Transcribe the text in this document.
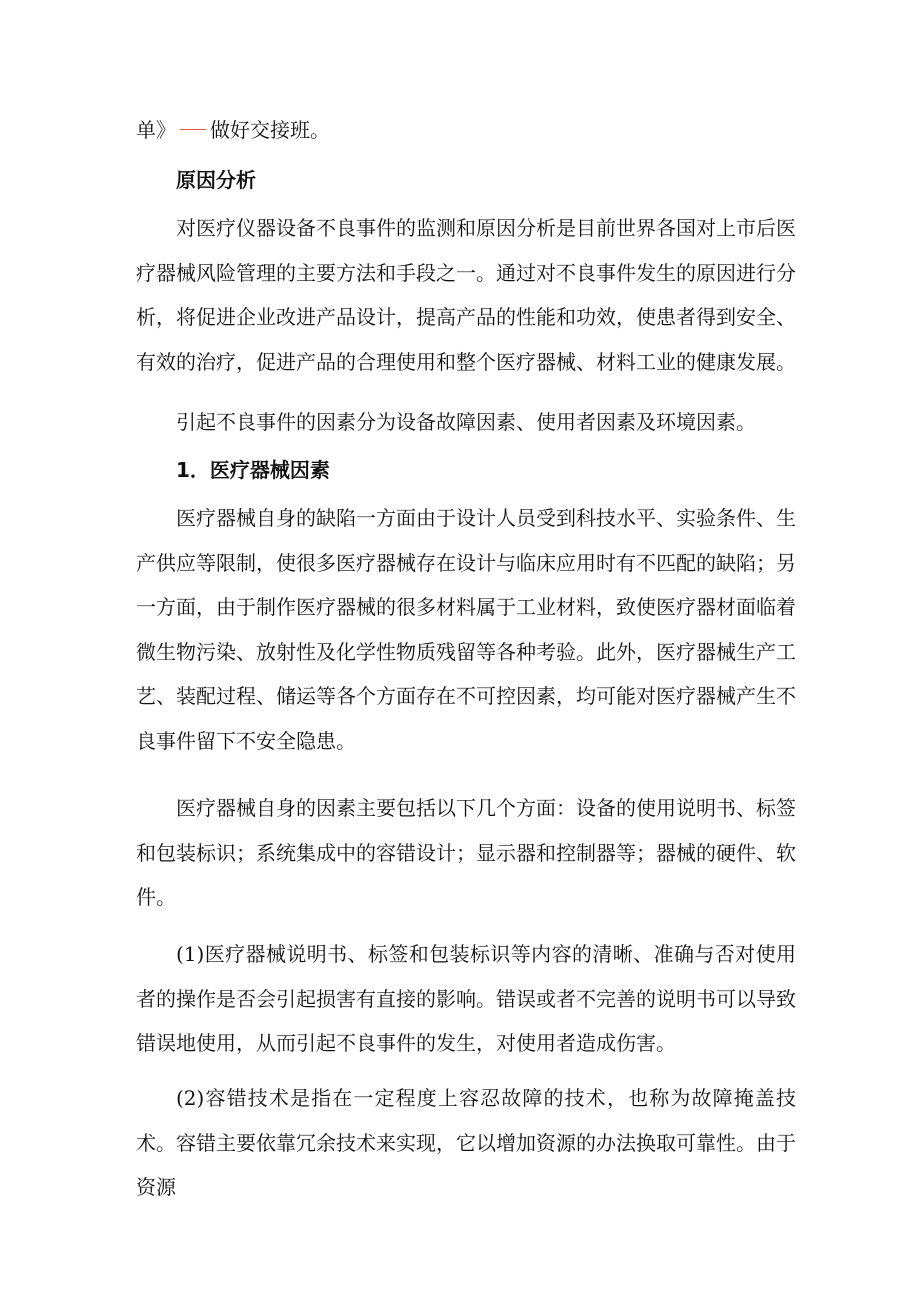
单》 做好交接班。

原因分析

对医疗仪器设备不良事件的监测和原因分析是目前世界各国对上市后医疗器械风险管理的主要方法和手段之一。通过对不良事件发生的原因进行分析，将促进企业改进产品设计，提高产品的性能和功效，使患者得到安全、有效的治疗，促进产品的合理使用和整个医疗器械、材料工业的健康发展。

引起不良事件的因素分为设备故障因素、使用者因素及环境因素。

1．医疗器械因素

医疗器械自身的缺陷一方面由于设计人员受到科技水平、实验条件、生产供应等限制，使很多医疗器械存在设计与临床应用时有不匹配的缺陷；另一方面，由于制作医疗器械的很多材料属于工业材料，致使医疗器材面临着微生物污染、放射性及化学性物质残留等各种考验。此外，医疗器械生产工艺、装配过程、储运等各个方面存在不可控因素，均可能对医疗器械产生不良事件留下不安全隐患。

医疗器械自身的因素主要包括以下几个方面：设备的使用说明书、标签和包装标识；系统集成中的容错设计；显示器和控制器等；器械的硬件、软件。

(1)医疗器械说明书、标签和包装标识等内容的清晰、准确与否对使用者的操作是否会引起损害有直接的影响。错误或者不完善的说明书可以导致错误地使用，从而引起不良事件的发生，对使用者造成伤害。

(2)容错技术是指在一定程度上容忍故障的技术，也称为故障掩盖技术。容错主要依靠冗余技术来实现，它以增加资源的办法换取可靠性。由于资源
